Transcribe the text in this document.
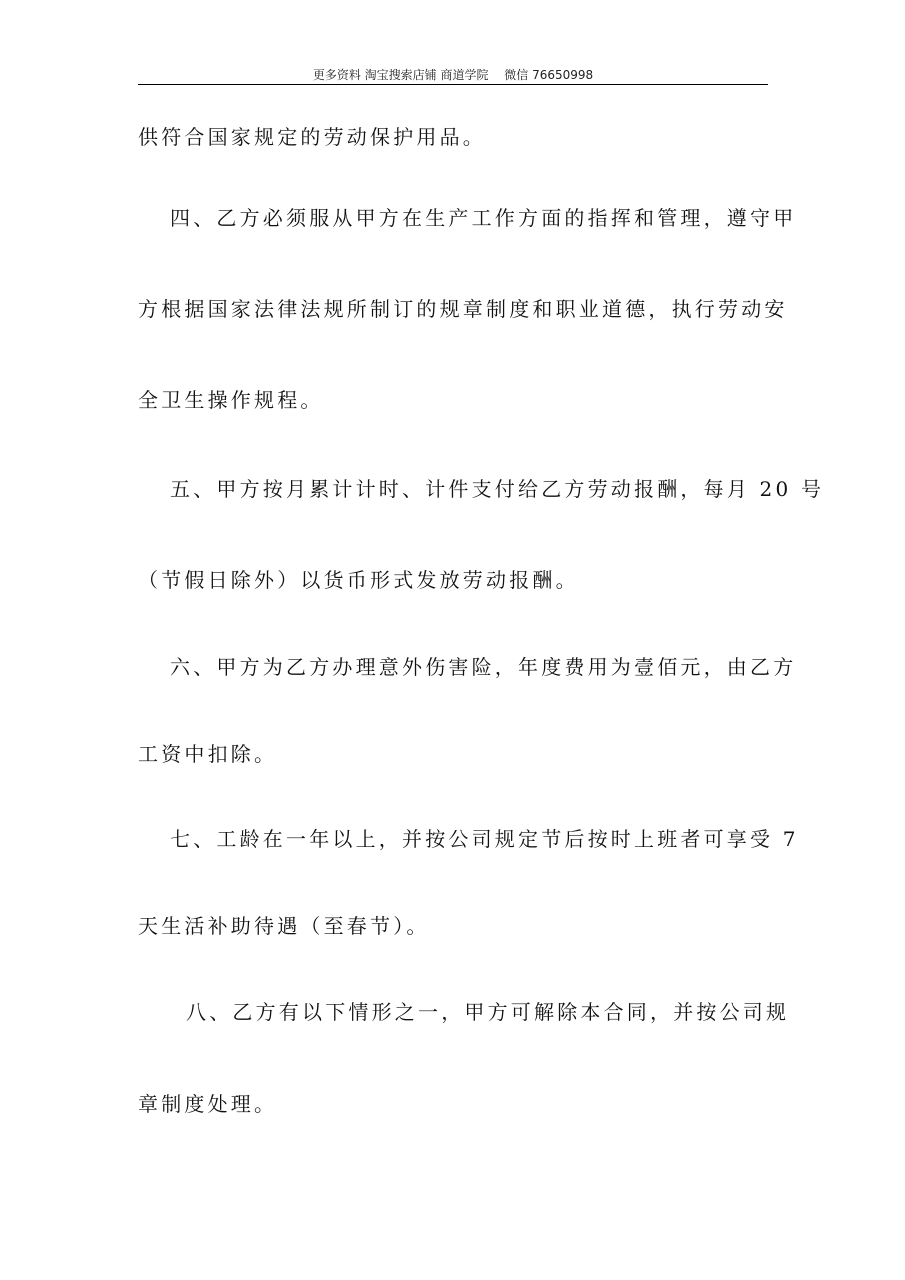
更多资料 淘宝搜索店铺 商道学院　 微信 76650998
供符合国家规定的劳动保护用品。
四、乙方必须服从甲方在生产工作方面的指挥和管理，遵守甲
方根据国家法律法规所制订的规章制度和职业道德，执行劳动安
全卫生操作规程。
五、甲方按月累计计时、计件支付给乙方劳动报酬，每月 20 号
（节假日除外）以货币形式发放劳动报酬。
六、甲方为乙方办理意外伤害险，年度费用为壹佰元，由乙方
工资中扣除。
七、工龄在一年以上，并按公司规定节后按时上班者可享受 7
天生活补助待遇（至春节）。
八、乙方有以下情形之一，甲方可解除本合同，并按公司规
章制度处理。
